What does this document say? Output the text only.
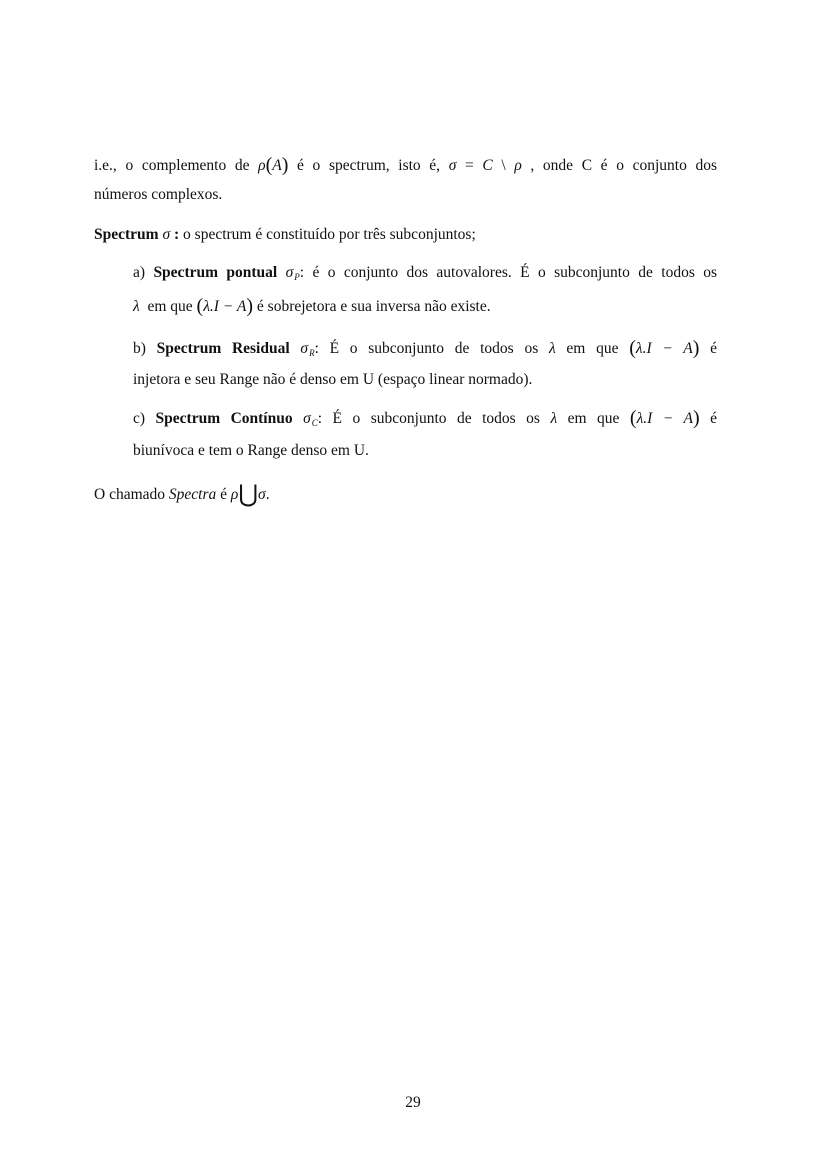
i.e., o complemento de ρ(A) é o spectrum, isto é, σ = C \ ρ , onde C é o conjunto dos
números complexos.
Spectrum σ : o spectrum é constituído por três subconjuntos;
a) Spectrum pontual $\sigma_P$: é o conjunto dos autovalores. É o subconjunto de todos os
λ em que (λ.I − A) é sobrejetora e sua inversa não existe.
b) Spectrum Residual $\sigma_R$: É o subconjunto de todos os λ em que (λ.I − A) é
injetora e seu Range não é denso em U (espaço linear normado).
c) Spectrum Contínuo $\sigma_C$: É o subconjunto de todos os λ em que (λ.I − A) é
biunívoca e tem o Range denso em U.
O chamado Spectra é ρ⋃σ.
29
